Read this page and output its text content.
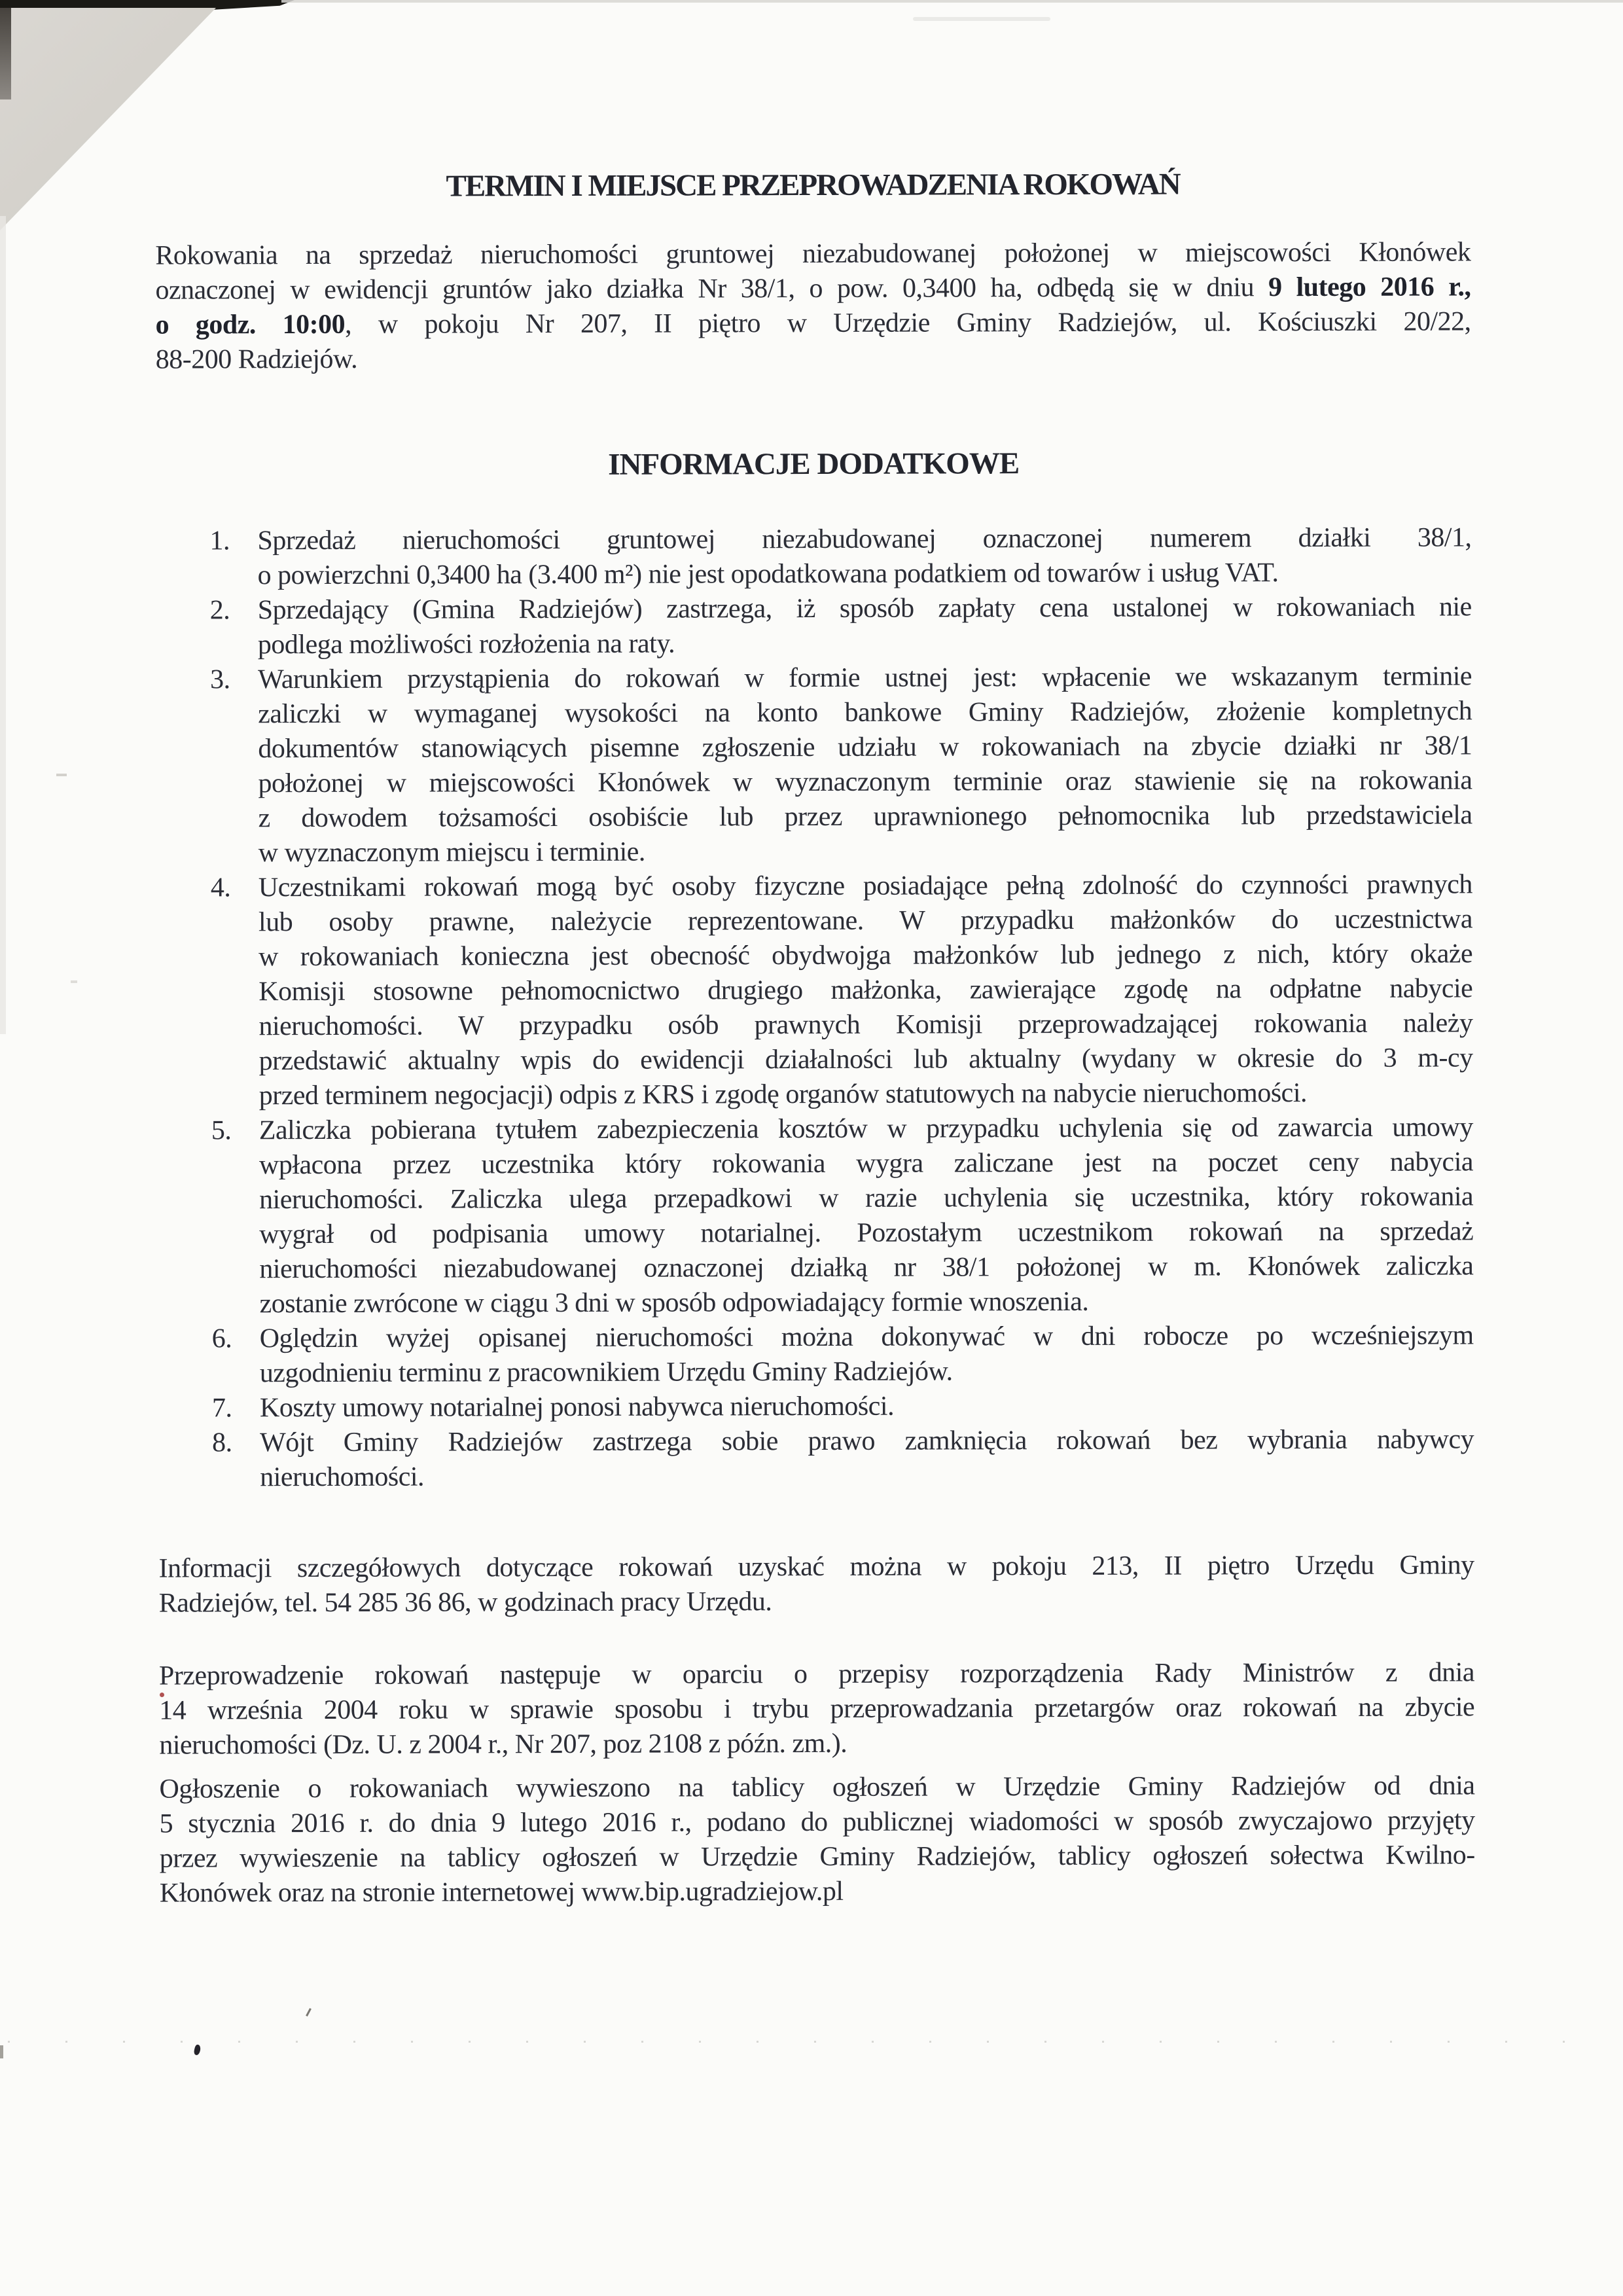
TERMIN I MIEJSCE PRZEPROWADZENIA ROKOWAŃ

Rokowania na sprzedaż nieruchomości gruntowej niezabudowanej położonej w miejscowości Kłonówek
oznaczonej w ewidencji gruntów jako działka Nr 38/1, o pow. 0,3400 ha, odbędą się w dniu 9 lutego 2016 r.,
o godz. 10:00, w pokoju Nr 207, II piętro w Urzędzie Gminy Radziejów, ul. Kościuszki 20/22,
88-200 Radziejów.

INFORMACJE DODATKOWE
1. Sprzedaż nieruchomości gruntowej niezabudowanej oznaczonej numerem działki 38/1,
o powierzchni 0,3400 ha (3.400 m²) nie jest opodatkowana podatkiem od towarów i usług VAT.
2. Sprzedający (Gmina Radziejów) zastrzega, iż sposób zapłaty cena ustalonej w rokowaniach nie
podlega możliwości rozłożenia na raty.
3. Warunkiem przystąpienia do rokowań w formie ustnej jest: wpłacenie we wskazanym terminie
zaliczki w wymaganej wysokości na konto bankowe Gminy Radziejów, złożenie kompletnych
dokumentów stanowiących pisemne zgłoszenie udziału w rokowaniach na zbycie działki nr 38/1
położonej w miejscowości Kłonówek w wyznaczonym terminie oraz stawienie się na rokowania
z dowodem tożsamości osobiście lub przez uprawnionego pełnomocnika lub przedstawiciela
w wyznaczonym miejscu i terminie.
4. Uczestnikami rokowań mogą być osoby fizyczne posiadające pełną zdolność do czynności prawnych
lub osoby prawne, należycie reprezentowane. W przypadku małżonków do uczestnictwa
w rokowaniach konieczna jest obecność obydwojga małżonków lub jednego z nich, który okaże
Komisji stosowne pełnomocnictwo drugiego małżonka, zawierające zgodę na odpłatne nabycie
nieruchomości. W przypadku osób prawnych Komisji przeprowadzającej rokowania należy
przedstawić aktualny wpis do ewidencji działalności lub aktualny (wydany w okresie do 3 m-cy
przed terminem negocjacji) odpis z KRS i zgodę organów statutowych na nabycie nieruchomości.
5. Zaliczka pobierana tytułem zabezpieczenia kosztów w przypadku uchylenia się od zawarcia umowy
wpłacona przez uczestnika który rokowania wygra zaliczane jest na poczet ceny nabycia
nieruchomości. Zaliczka ulega przepadkowi w razie uchylenia się uczestnika, który rokowania
wygrał od podpisania umowy notarialnej. Pozostałym uczestnikom rokowań na sprzedaż
nieruchomości niezabudowanej oznaczonej działką nr 38/1 położonej w m. Kłonówek zaliczka
zostanie zwrócone w ciągu 3 dni w sposób odpowiadający formie wnoszenia.
6. Oględzin wyżej opisanej nieruchomości można dokonywać w dni robocze po wcześniejszym
uzgodnieniu terminu z pracownikiem Urzędu Gminy Radziejów.
7. Koszty umowy notarialnej ponosi nabywca nieruchomości.
8. Wójt Gminy Radziejów zastrzega sobie prawo zamknięcia rokowań bez wybrania nabywcy
nieruchomości.

Informacji szczegółowych dotyczące rokowań uzyskać można w pokoju 213, II piętro Urzędu Gminy
Radziejów, tel. 54 285 36 86, w godzinach pracy Urzędu.

Przeprowadzenie rokowań następuje w oparciu o przepisy rozporządzenia Rady Ministrów z dnia
14 września 2004 roku w sprawie sposobu i trybu przeprowadzania przetargów oraz rokowań na zbycie
nieruchomości (Dz. U. z 2004 r., Nr 207, poz 2108 z późn. zm.).

Ogłoszenie o rokowaniach wywieszono na tablicy ogłoszeń w Urzędzie Gminy Radziejów od dnia
5 stycznia 2016 r. do dnia 9 lutego 2016 r., podano do publicznej wiadomości w sposób zwyczajowo przyjęty
przez wywieszenie na tablicy ogłoszeń w Urzędzie Gminy Radziejów, tablicy ogłoszeń sołectwa Kwilno-
Kłonówek oraz na stronie internetowej www.bip.ugradziejow.pl
